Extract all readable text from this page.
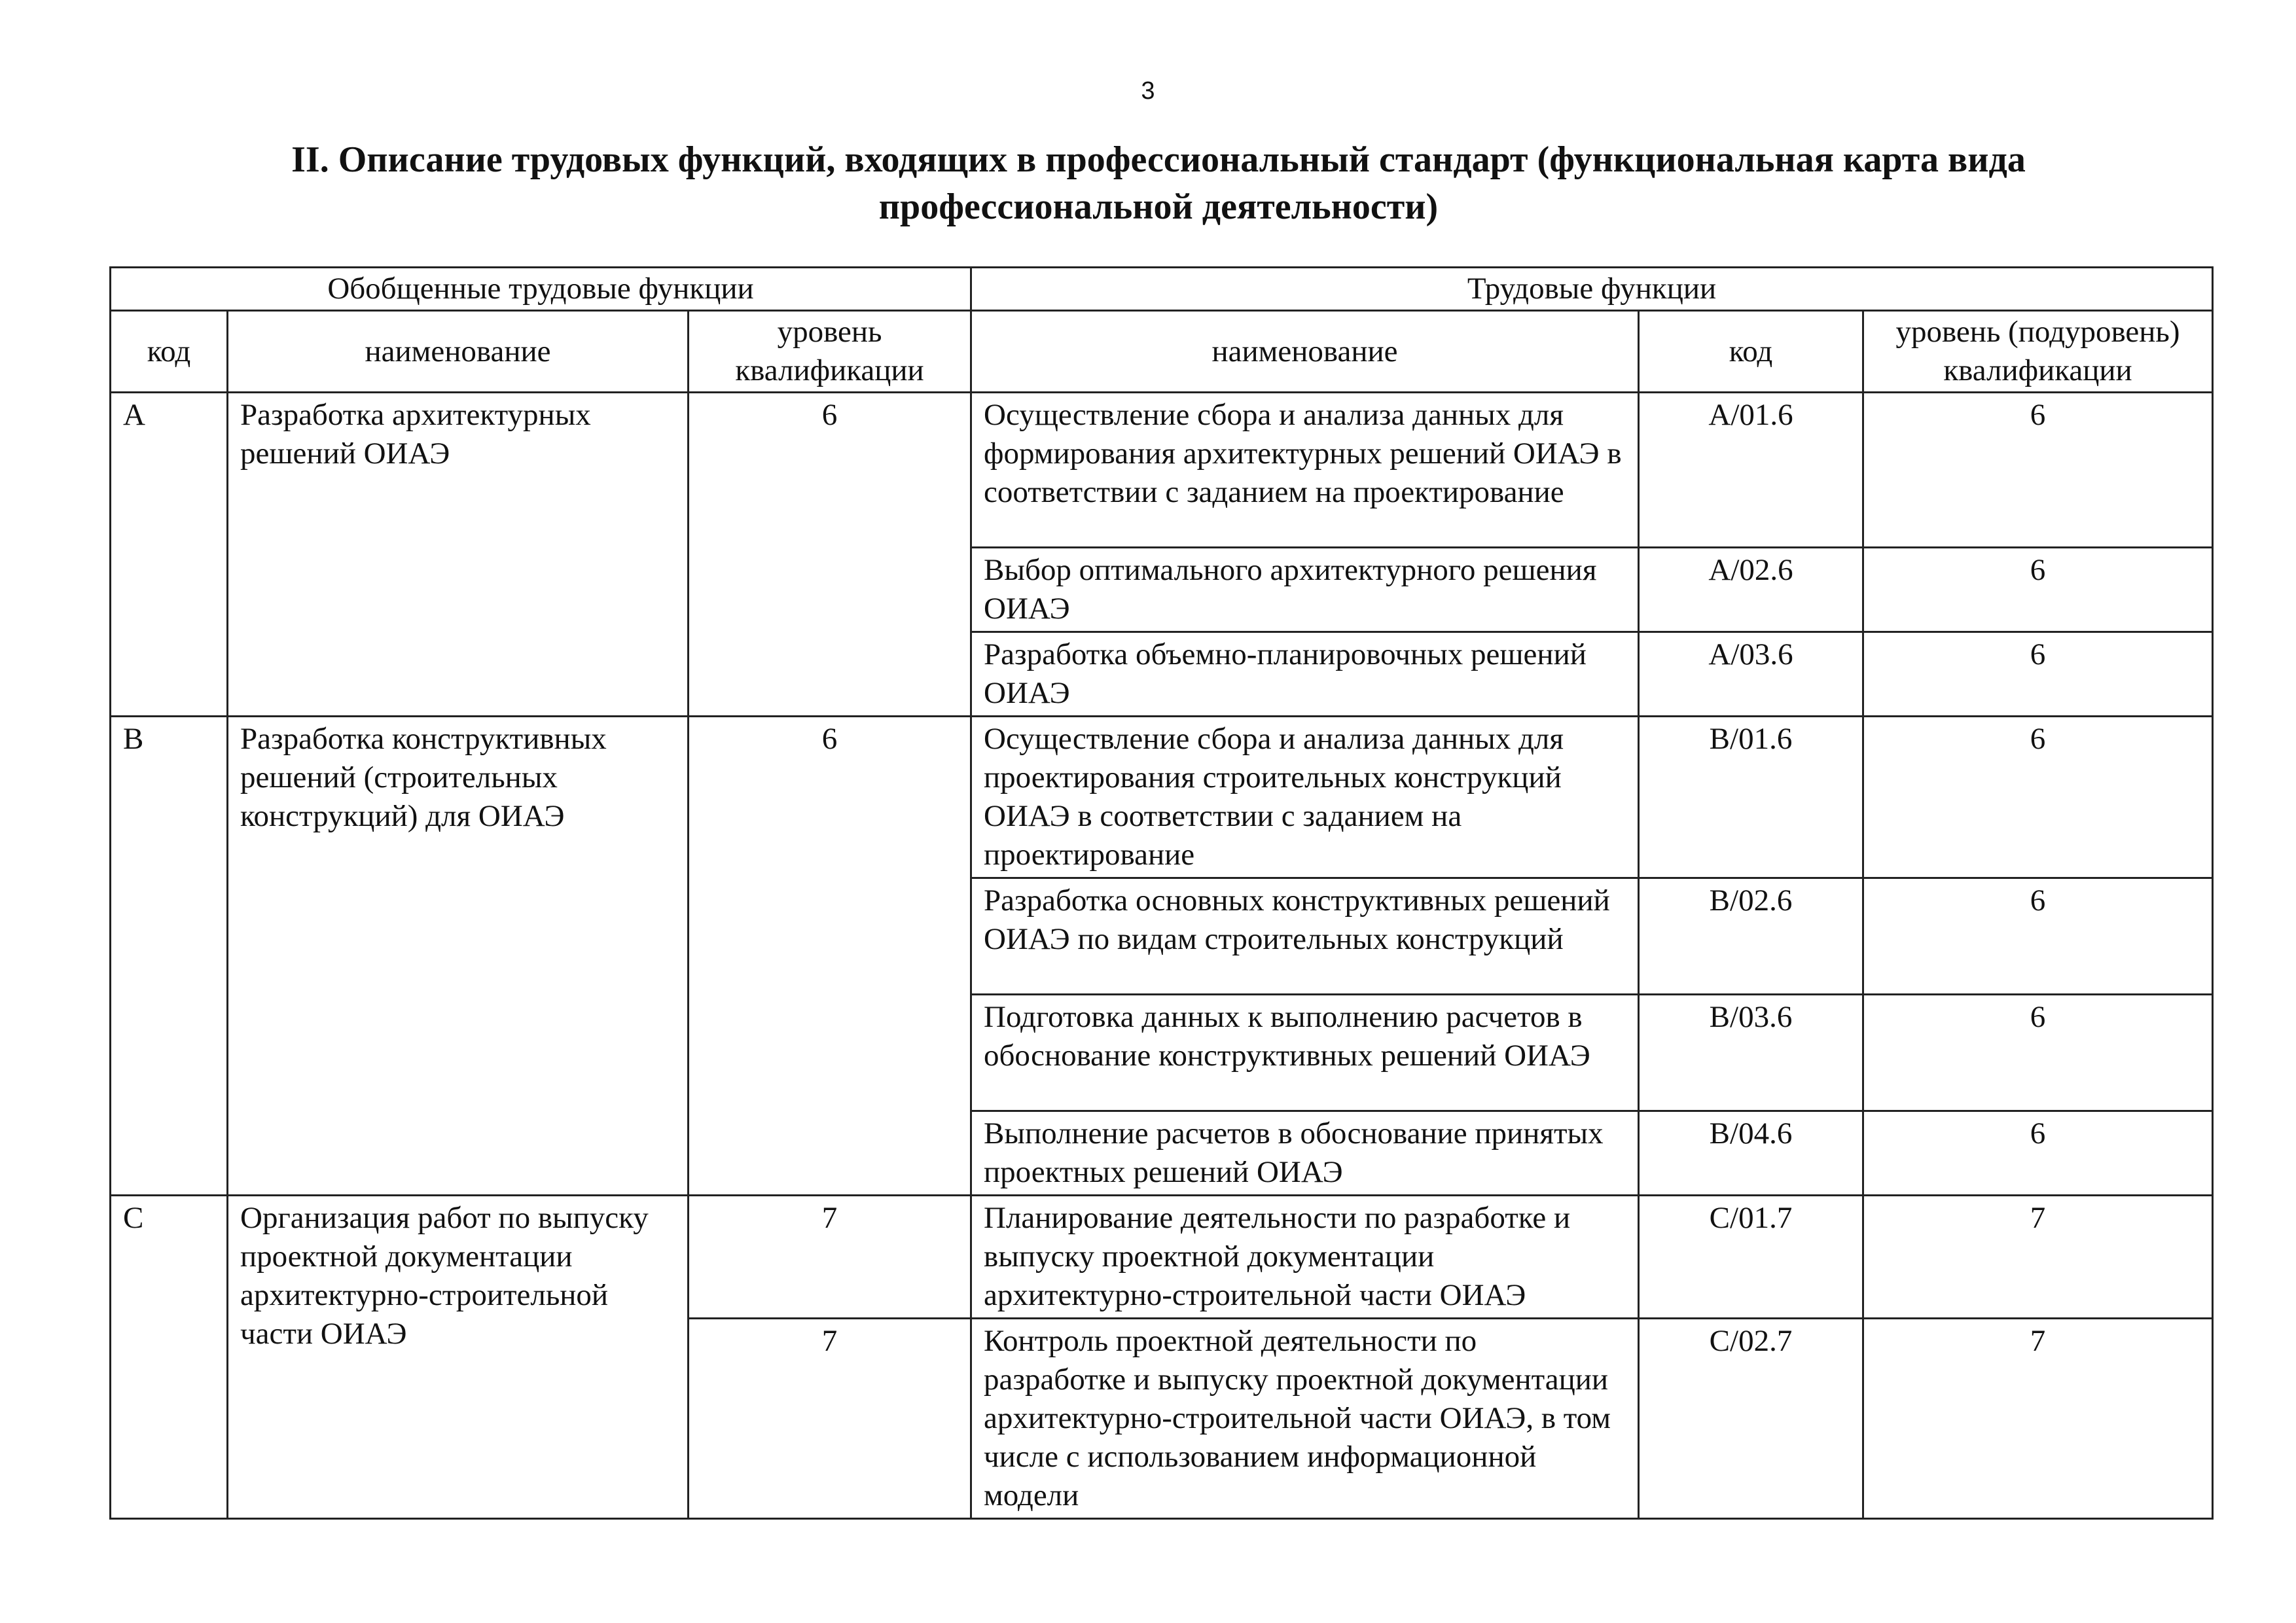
3
II. Описание трудовых функций, входящих в профессиональный стандарт (функциональная карта вида профессиональной деятельности)
Обобщенные трудовые функции			Трудовые функции		
код	наименование	уровень квалификации	наименование	код	уровень (подуровень) квалификации
A	Разработка архитектурных решений ОИАЭ	6	Осуществление сбора и анализа данных для формирования архитектурных решений ОИАЭ в соответствии с заданием на проектирование	A/01.6	6
			Выбор оптимального архитектурного решения ОИАЭ	A/02.6	6
			Разработка объемно-планировочных решений ОИАЭ	A/03.6	6
B	Разработка конструктивных решений (строительных конструкций) для ОИАЭ	6	Осуществление сбора и анализа данных для проектирования строительных конструкций ОИАЭ в соответствии с заданием на проектирование	B/01.6	6
			Разработка основных конструктивных решений ОИАЭ по видам строительных конструкций	B/02.6	6
			Подготовка данных к выполнению расчетов в обоснование конструктивных решений ОИАЭ	B/03.6	6
			Выполнение расчетов в обоснование принятых проектных решений ОИАЭ	B/04.6	6
C	Организация работ по выпуску проектной документации архитектурно-строительной части ОИАЭ	7	Планирование деятельности по разработке и выпуску проектной документации архитектурно-строительной части ОИАЭ	C/01.7	7
		7	Контроль проектной деятельности по разработке и выпуску проектной документации архитектурно-строительной части ОИАЭ, в том числе с использованием информационной модели	C/02.7	7
